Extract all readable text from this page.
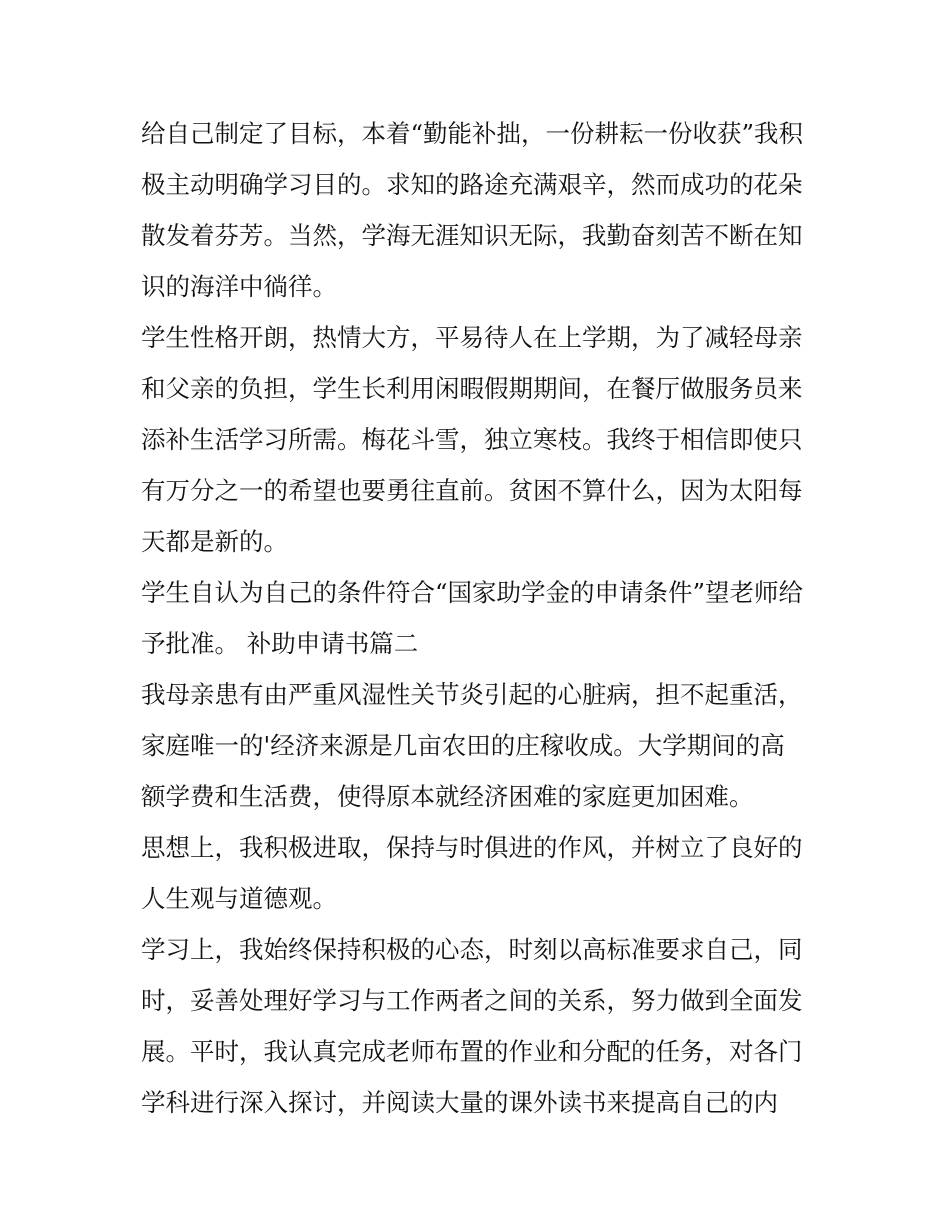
给自己制定了目标，本着“勤能补拙，一份耕耘一份收获”我积
极主动明确学习目的。求知的路途充满艰辛，然而成功的花朵
散发着芬芳。当然，学海无涯知识无际，我勤奋刻苦不断在知
识的海洋中徜徉。
学生性格开朗，热情大方，平易待人在上学期，为了减轻母亲
和父亲的负担，学生长利用闲暇假期期间，在餐厅做服务员来
添补生活学习所需。梅花斗雪，独立寒枝。我终于相信即使只
有万分之一的希望也要勇往直前。贫困不算什么，因为太阳每
天都是新的。
学生自认为自己的条件符合“国家助学金的申请条件”望老师给
予批准。 补助申请书篇二
我母亲患有由严重风湿性关节炎引起的心脏病，担不起重活，
家庭唯一的'经济来源是几亩农田的庄稼收成。大学期间的高
额学费和生活费，使得原本就经济困难的家庭更加困难。
思想上，我积极进取，保持与时俱进的作风，并树立了良好的
人生观与道德观。
学习上，我始终保持积极的心态，时刻以高标准要求自己，同
时，妥善处理好学习与工作两者之间的关系，努力做到全面发
展。平时，我认真完成老师布置的作业和分配的任务，对各门
学科进行深入探讨，并阅读大量的课外读书来提高自己的内
